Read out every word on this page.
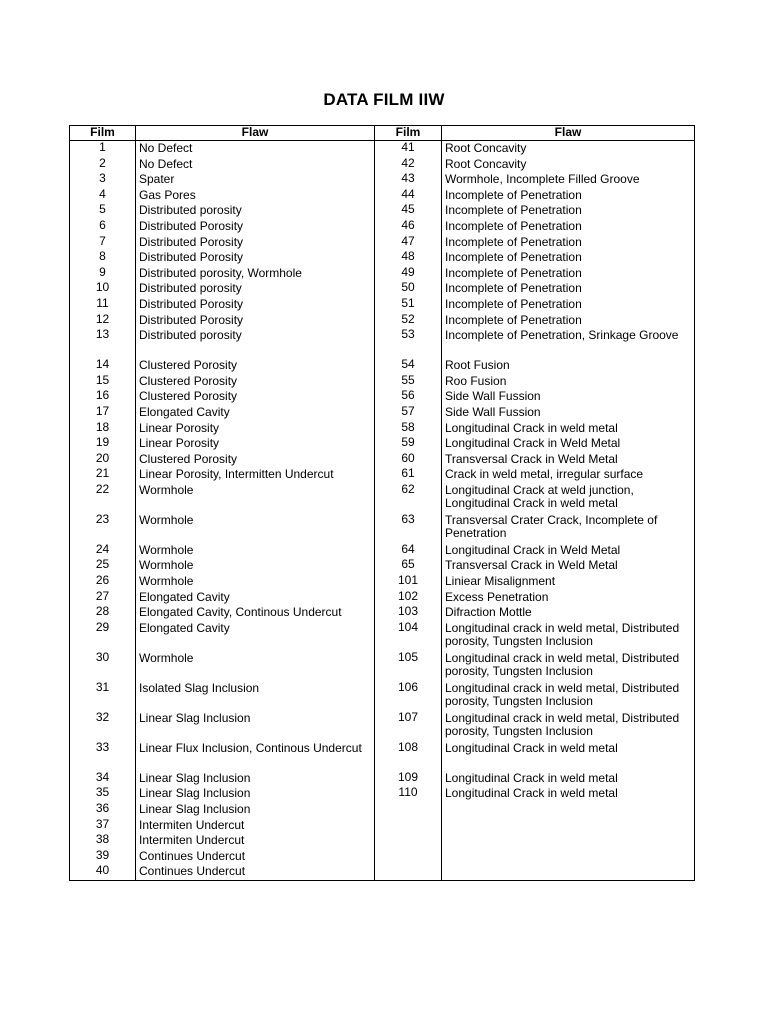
DATA FILM IIW
Film	Flaw	Film	Flaw
1	No Defect	41	Root Concavity
2	No Defect	42	Root Concavity
3	Spater	43	Wormhole, Incomplete Filled Groove
4	Gas Pores	44	Incomplete of Penetration
5	Distributed porosity	45	Incomplete of Penetration
6	Distributed Porosity	46	Incomplete of Penetration
7	Distributed Porosity	47	Incomplete of Penetration
8	Distributed Porosity	48	Incomplete of Penetration
9	Distributed porosity, Wormhole	49	Incomplete of Penetration
10	Distributed porosity	50	Incomplete of Penetration
11	Distributed Porosity	51	Incomplete of Penetration
12	Distributed Porosity	52	Incomplete of Penetration
13	Distributed porosity	53	Incomplete of Penetration, Srinkage Groove
14	Clustered Porosity	54	Root Fusion
15	Clustered Porosity	55	Roo Fusion
16	Clustered Porosity	56	Side Wall Fussion
17	Elongated Cavity	57	Side Wall Fussion
18	Linear Porosity	58	Longitudinal Crack in weld metal
19	Linear Porosity	59	Longitudinal Crack in Weld Metal
20	Clustered Porosity	60	Transversal Crack in Weld Metal
21	Linear Porosity, Intermitten Undercut	61	Crack in weld metal, irregular surface
22	Wormhole	62	Longitudinal Crack at weld junction, Longitudinal Crack in weld metal
23	Wormhole	63	Transversal Crater Crack, Incomplete of Penetration
24	Wormhole	64	Longitudinal Crack in Weld Metal
25	Wormhole	65	Transversal Crack in Weld Metal
26	Wormhole	101	Liniear Misalignment
27	Elongated Cavity	102	Excess Penetration
28	Elongated Cavity, Continous Undercut	103	Difraction Mottle
29	Elongated Cavity	104	Longitudinal crack in weld metal, Distributed porosity, Tungsten Inclusion
30	Wormhole	105	Longitudinal crack in weld metal, Distributed porosity, Tungsten Inclusion
31	Isolated Slag Inclusion	106	Longitudinal crack in weld metal, Distributed porosity, Tungsten Inclusion
32	Linear Slag Inclusion	107	Longitudinal crack in weld metal, Distributed porosity, Tungsten Inclusion
33	Linear Flux Inclusion, Continous Undercut	108	Longitudinal Crack in weld metal
34	Linear Slag Inclusion	109	Longitudinal Crack in weld metal
35	Linear Slag Inclusion	110	Longitudinal Crack in weld metal
36	Linear Slag Inclusion		
37	Intermiten Undercut		
38	Intermiten Undercut		
39	Continues Undercut		
40	Continues Undercut		
